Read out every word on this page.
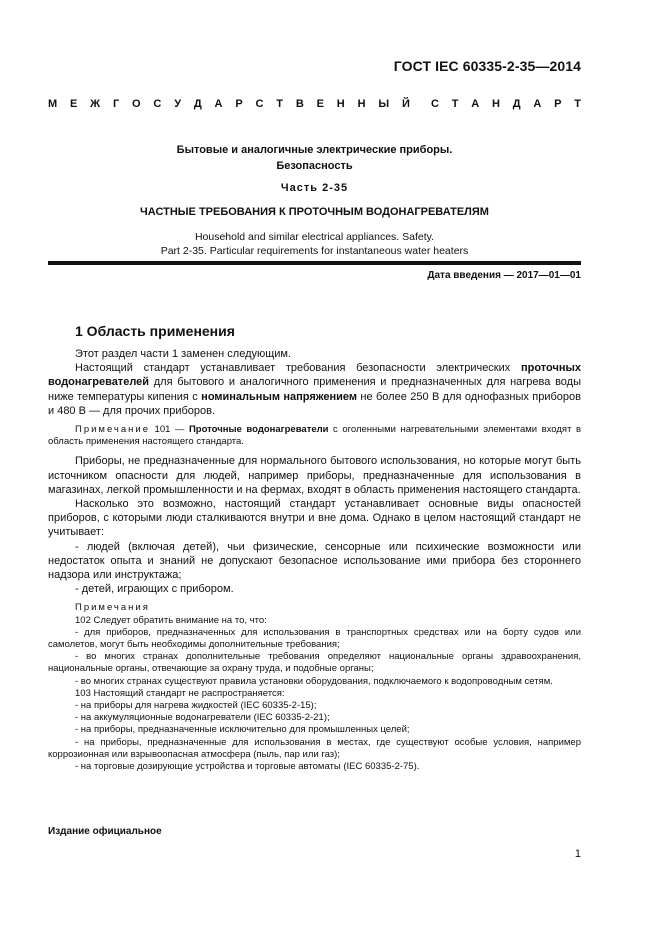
ГОСТ IEC 60335-2-35—2014
М Е Ж Г О С У Д А Р С Т В Е Н Н Ы Й С Т А Н Д А Р Т
Бытовые и аналогичные электрические приборы.
Безопасность
Часть 2-35
ЧАСТНЫЕ ТРЕБОВАНИЯ К ПРОТОЧНЫМ ВОДОНАГРЕВАТЕЛЯМ
Household and similar electrical appliances. Safety.
Part 2-35. Particular requirements for instantaneous water heaters
Дата введения — 2017—01—01
1 Область применения

Этот раздел части 1 заменен следующим.

Настоящий стандарт устанавливает требования безопасности электрических проточных водонагревателей для бытового и аналогичного применения и предназначенных для нагрева воды ниже температуры кипения с номинальным напряжением не более 250 В для однофазных приборов и 480 В — для прочих приборов.

Примечание 101 — Проточные водонагреватели с оголенными нагревательными элементами входят в область применения настоящего стандарта.

Приборы, не предназначенные для нормального бытового использования, но которые могут быть источником опасности для людей, например приборы, предназначенные для использования в магазинах, легкой промышленности и на фермах, входят в область применения настоящего стандарта.

Насколько это возможно, настоящий стандарт устанавливает основные виды опасностей приборов, с которыми люди сталкиваются внутри и вне дома. Однако в целом настоящий стандарт не учитывает:

- людей (включая детей), чьи физические, сенсорные или психические возможности или недостаток опыта и знаний не допускают безопасное использование ими прибора без стороннего надзора или инструктажа;

- детей, играющих с прибором.

Примечания

102 Следует обратить внимание на то, что:

- для приборов, предназначенных для использования в транспортных средствах или на борту судов или самолетов, могут быть необходимы дополнительные требования;

- во многих странах дополнительные требования определяют национальные органы здравоохранения, национальные органы, отвечающие за охрану труда, и подобные органы;

- во многих странах существуют правила установки оборудования, подключаемого к водопроводным сетям.

103 Настоящий стандарт не распространяется:

- на приборы для нагрева жидкостей (IEC 60335-2-15);

- на аккумуляционные водонагреватели (IEC 60335-2-21);

- на приборы, предназначенные исключительно для промышленных целей;

- на приборы, предназначенные для использования в местах, где существуют особые условия, например коррозионная или взрывоопасная атмосфера (пыль, пар или газ);

- на торговые дозирующие устройства и торговые автоматы (IEC 60335-2-75).

Издание официальное
1
